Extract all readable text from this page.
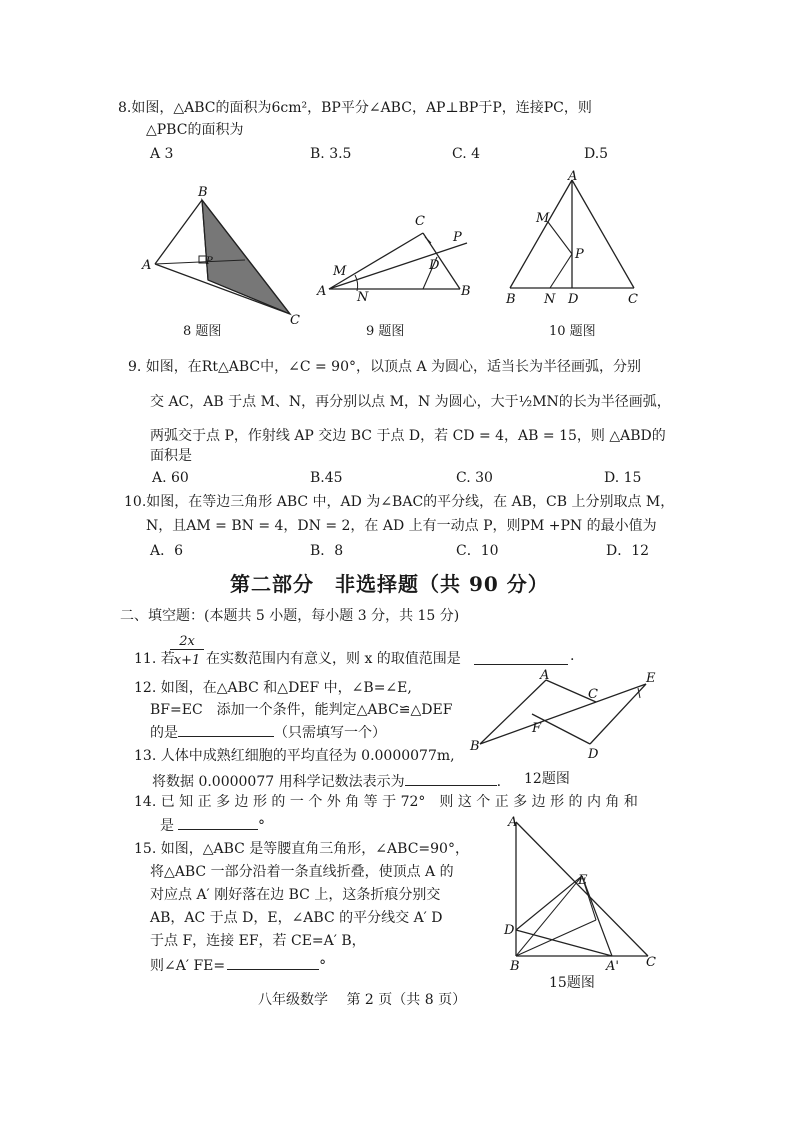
8.如图，△ABC的面积为6cm²，BP平分∠ABC，AP⊥BP于P，连接PC，则
△PBC的面积为
A 3	B. 3.5	C. 4	D.5
B
A	P
C
8 题图
C
P
M	D
A N	B
9 题图
A
M
P
B N D	C
10 题图
9. 如图，在Rt△ABC中，∠C = 90°，以顶点 A 为圆心，适当长为半径画弧，分别
交 AC，AB 于点 M、N，再分别以点 M，N 为圆心，大于½MN的长为半径画弧，
两弧交于点 P，作射线 AP 交边 BC 于点 D，若 CD = 4，AB = 15，则 △ABD的
面积是
A. 60	B.45	C. 30	D. 15
10.如图，在等边三角形 ABC 中，AD 为∠BAC的平分线，在 AB，CB 上分别取点 M，
N，且AM = BN = 4，DN = 2，在 AD 上有一动点 P，则PM +PN 的最小值为
A．6	B．8	C．10	D．12
第二部分　非选择题（共 90 分）
二、填空题：(本题共 5 小题，每小题 3 分，共 15 分)
11. 若
2x
x+1 在实数范围内有意义，则 x 的取值范围是	.
12. 如图，在△ABC 和△DEF 中，∠B=∠E,
BF=EC　添加一个条件，能判定△ABC≌△DEF
的是	（只需填写一个）
A
C
E
B
F
D
13. 人体中成熟红细胞的平均直径为 0.0000077m,
将数据 0.0000077 用科学记数法表示为	. 12题图
14. 已 知 正 多 边 形 的 一 个 外 角 等 于 72°　则 这 个 正 多 边 形 的 内 角 和
是	°
15. 如图，△ABC 是等腰直角三角形，∠ABC=90°，
将△ABC 一部分沿着一条直线折叠，使顶点 A 的
对应点 A′ 刚好落在边 BC 上，这条折痕分别交
AB，AC 于点 D，E，∠ABC 的平分线交 A′ D
于点 F，连接 EF，若 CE=A′ B，
则∠A′ FE=	°
A
E
D
B	A' C
15题图
八年级数学　 第 2 页（共 8 页）
